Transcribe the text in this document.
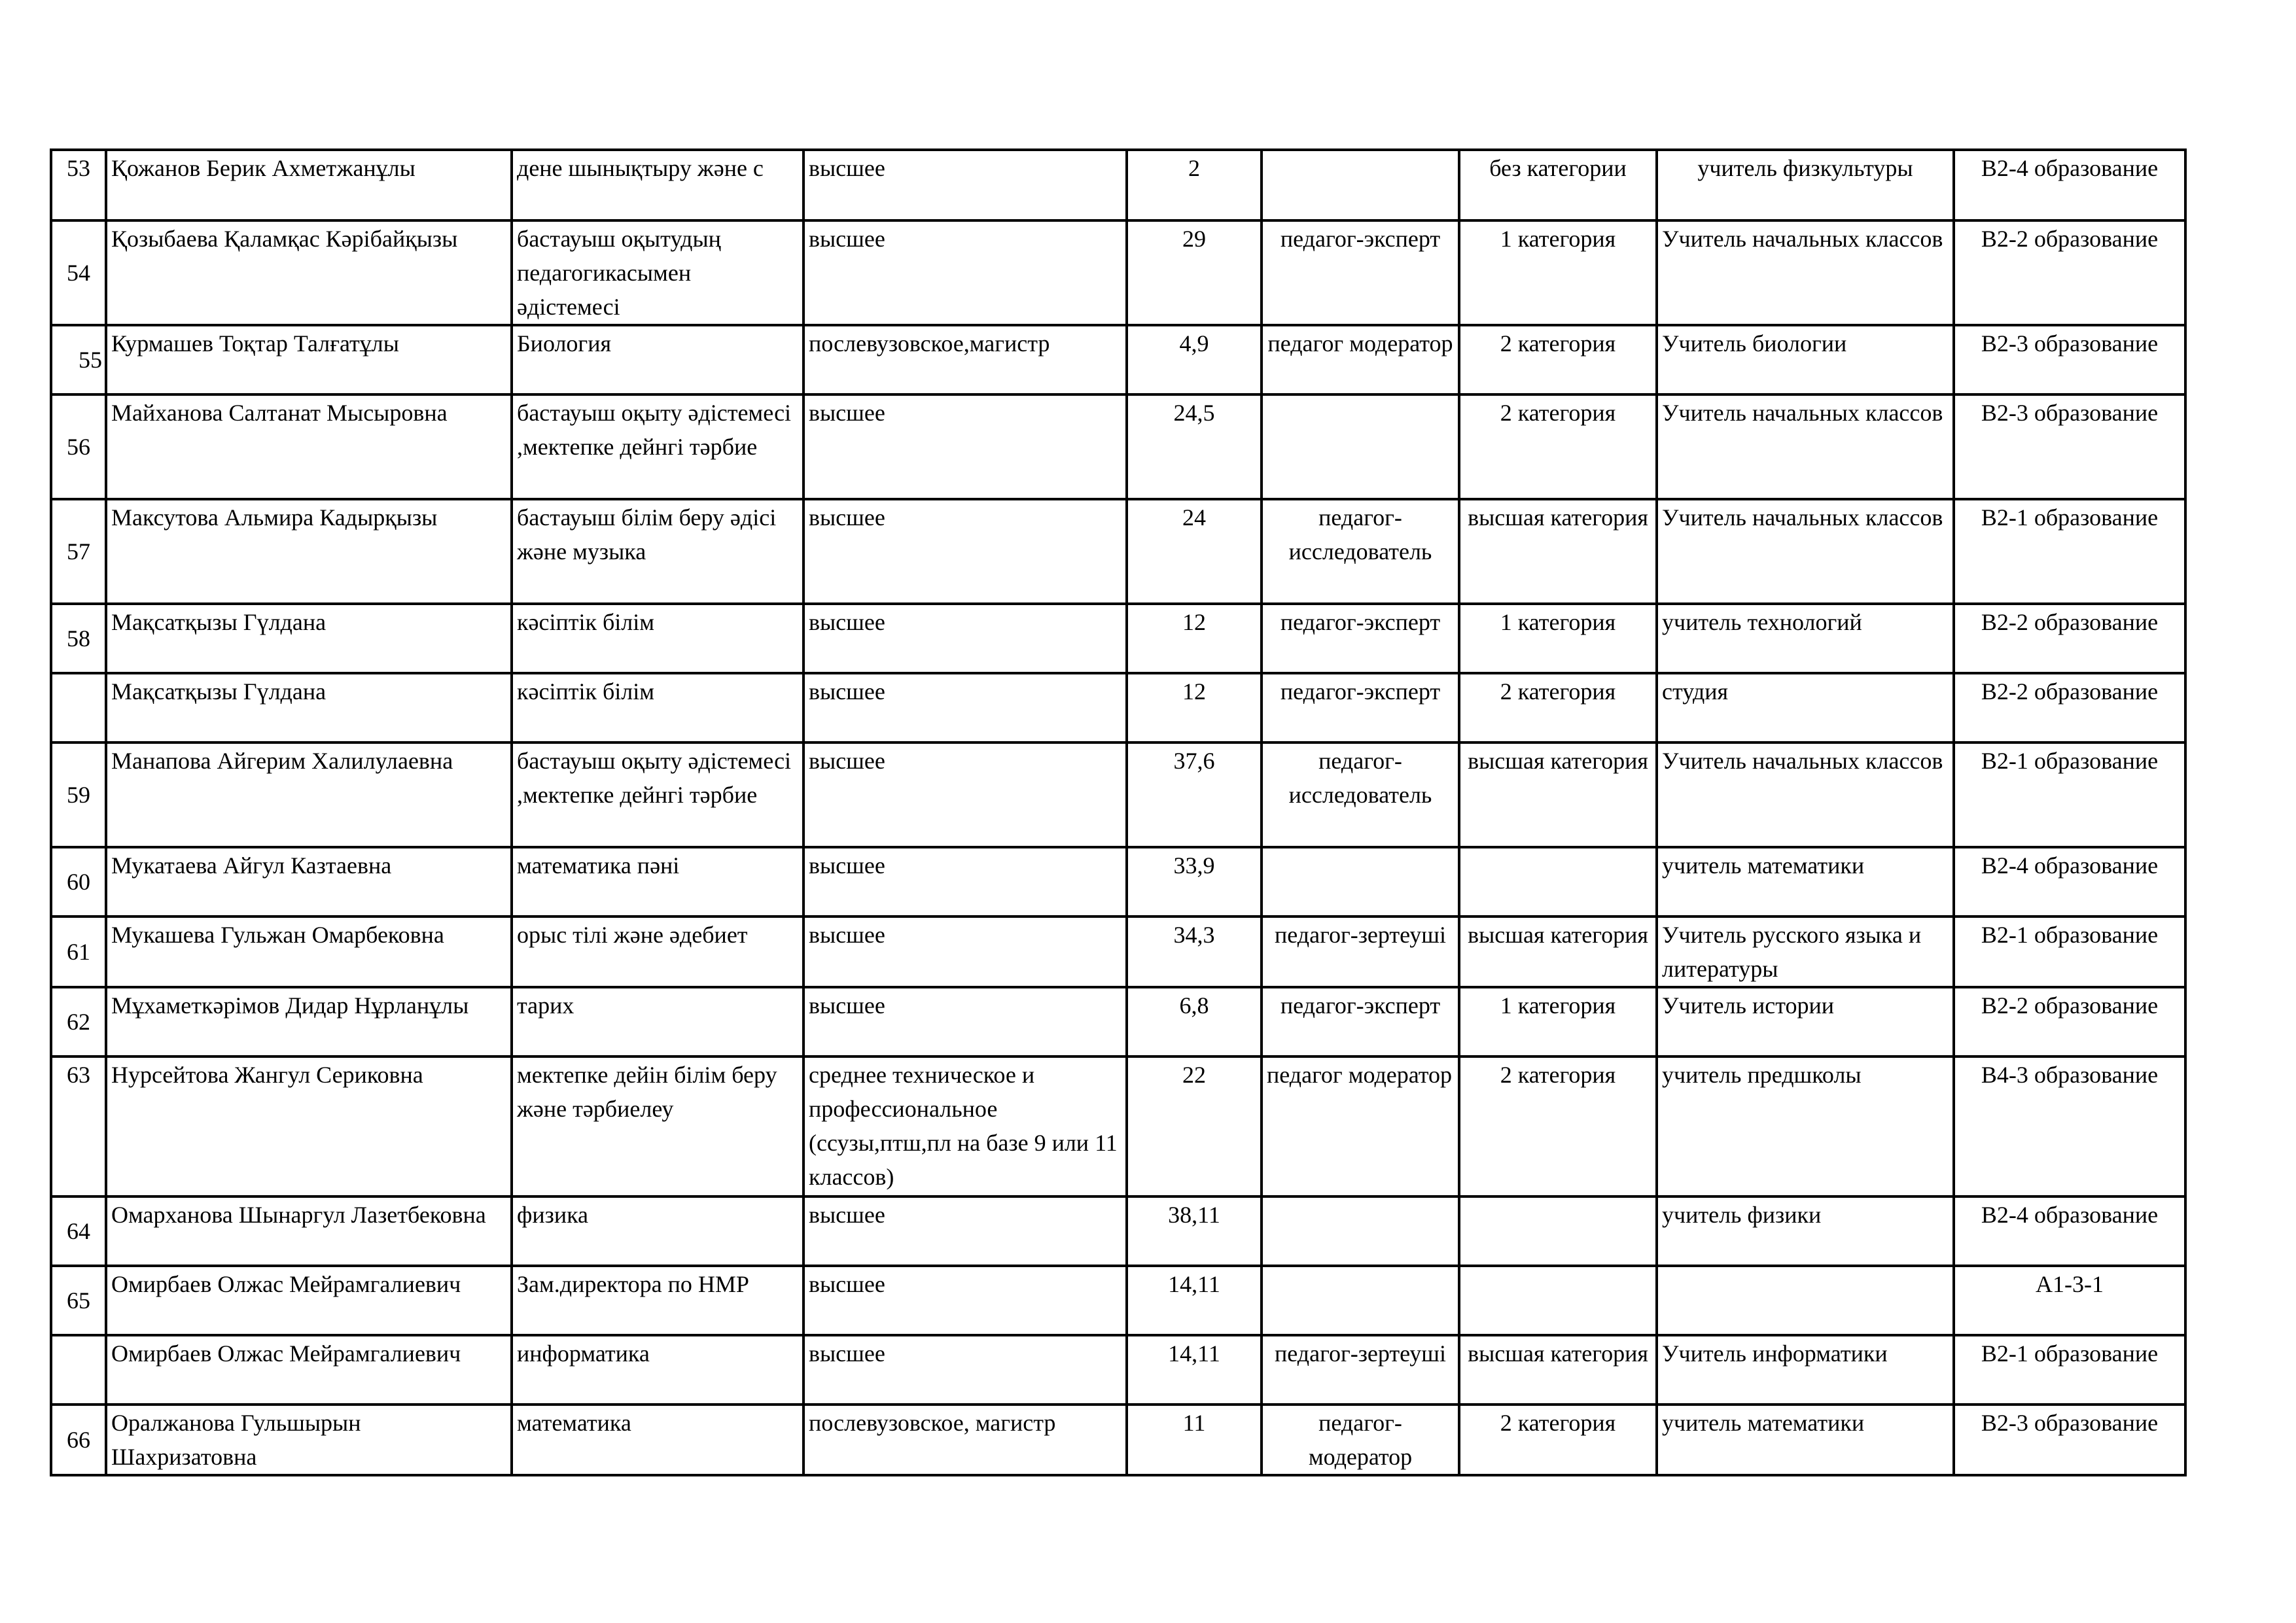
53	Қожанов Берик Ахметжанұлы	дене шынықтыру және с	высшее	2		без категории	учитель физкультуры	B2-4 образование
54	Қозыбаева Қаламқас Кәрібайқызы	бастауыш оқытудың педагогикасымен әдістемесі	высшее	29	педагог-эксперт	1 категория	Учитель начальных классов	B2-2 образование
55	Курмашев Тоқтар Талғатұлы	Биология	послевузовское,магистр	4,9	педагог модератор	2 категория	Учитель биологии	B2-3 образование
56	Майханова Салтанат Мысыровна	бастауыш оқыту әдістемесі ,мектепке дейнгі тәрбие	высшее	24,5		2 категория	Учитель начальных классов	B2-3 образование
57	Максутова Альмира Кадырқызы	бастауыш білім беру әдісі және музыка	высшее	24	педагог-исследователь	высшая категория	Учитель начальных классов	B2-1 образование
58	Мақсатқызы Гүлдана	кәсіптік білім	высшее	12	педагог-эксперт	1 категория	учитель технологий	B2-2 образование
	Мақсатқызы Гүлдана	кәсіптік білім	высшее	12	педагог-эксперт	2 категория	студия	B2-2 образование
59	Манапова Айгерим Халилулаевна	бастауыш оқыту әдістемесі ,мектепке дейнгі тәрбие	высшее	37,6	педагог-исследователь	высшая категория	Учитель начальных классов	B2-1 образование
60	Мукатаева Айгул Казтаевна	математика пәні	высшее	33,9			учитель математики	B2-4 образование
61	Мукашева Гульжан Омарбековна	орыс тілі және әдебиет	высшее	34,3	педагог-зертеуші	высшая категория	Учитель русского языка и литературы	B2-1 образование
62	Мұхаметкәрімов Дидар Нұрланұлы	тарих	высшее	6,8	педагог-эксперт	1 категория	Учитель истории	B2-2 образование
63	Нурсейтова Жангул Сериковна	мектепке дейін білім беру және тәрбиелеу	среднее техническое и профессиональное (ссузы,птш,пл на базе 9 или 11 классов)	22	педагог модератор	2 категория	учитель предшколы	B4-3 образование
64	Омарханова Шынаргул Лазетбековна	физика	высшее	38,11			учитель физики	B2-4 образование
65	Омирбаев Олжас Мейрамгалиевич	Зам.директора по НМР	высшее	14,11				A1-3-1
	Омирбаев Олжас Мейрамгалиевич	информатика	высшее	14,11	педагог-зертеуші	высшая категория	Учитель информатики	B2-1 образование
66	Оралжанова Гульшырын Шахризатовна	математика	послевузовское, магистр	11	педагог-модератор	2 категория	учитель математики	B2-3 образование
